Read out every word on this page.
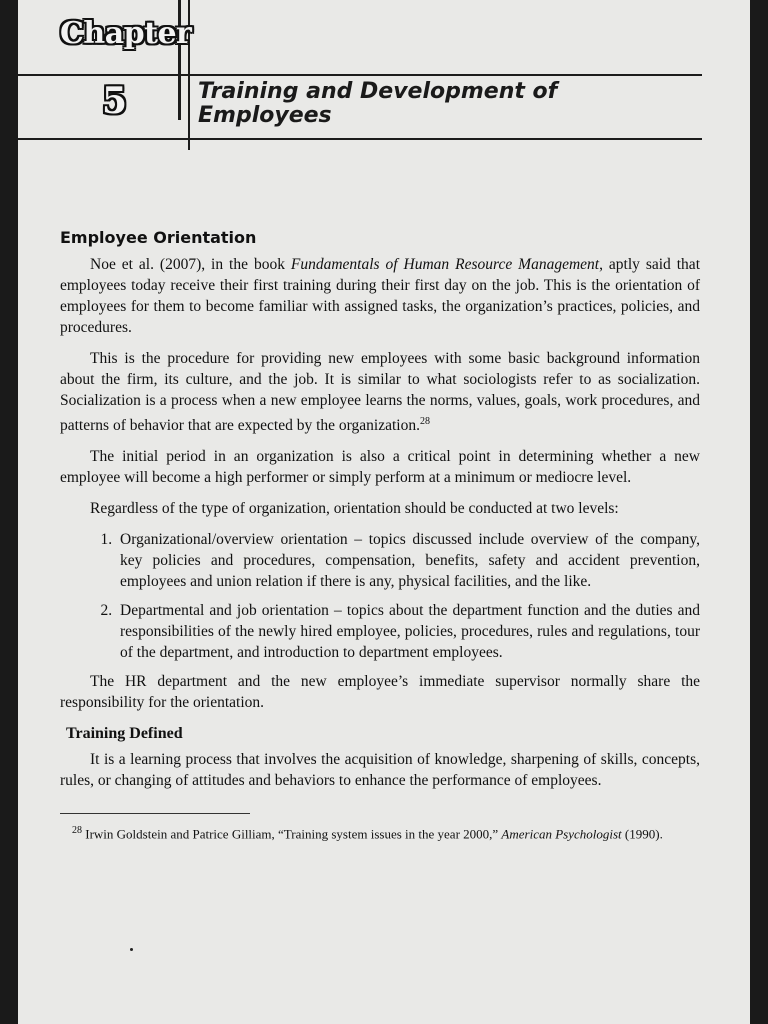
Chapter
5	Training and Development of Employees
Employee Orientation

Noe et al. (2007), in the book Fundamentals of Human Resource Management, aptly said that employees today receive their first training during their first day on the job. This is the orientation of employees for them to become familiar with assigned tasks, the organization’s practices, policies, and procedures.

This is the procedure for providing new employees with some basic background information about the firm, its culture, and the job. It is similar to what sociologists refer to as socialization. Socialization is a process when a new employee learns the norms, values, goals, work procedures, and patterns of behavior that are expected by the organization.$^{28}$

The initial period in an organization is also a critical point in determining whether a new employee will become a high performer or simply perform at a minimum or mediocre level.

Regardless of the type of organization, orientation should be conducted at two levels:

1. Organizational/overview orientation – topics discussed include overview of the company, key policies and procedures, compensation, benefits, safety and accident prevention, employees and union relation if there is any, physical facilities, and the like.
2. Departmental and job orientation – topics about the department function and the duties and responsibilities of the newly hired employee, policies, procedures, rules and regulations, tour of the department, and introduction to department employees.

The HR department and the new employee’s immediate supervisor normally share the responsibility for the orientation.

Training Defined

It is a learning process that involves the acquisition of knowledge, sharpening of skills, concepts, rules, or changing of attitudes and behaviors to enhance the performance of employees.

$^{28}$ Irwin Goldstein and Patrice Gilliam, “Training system issues in the year 2000,” American Psychologist (1990).
